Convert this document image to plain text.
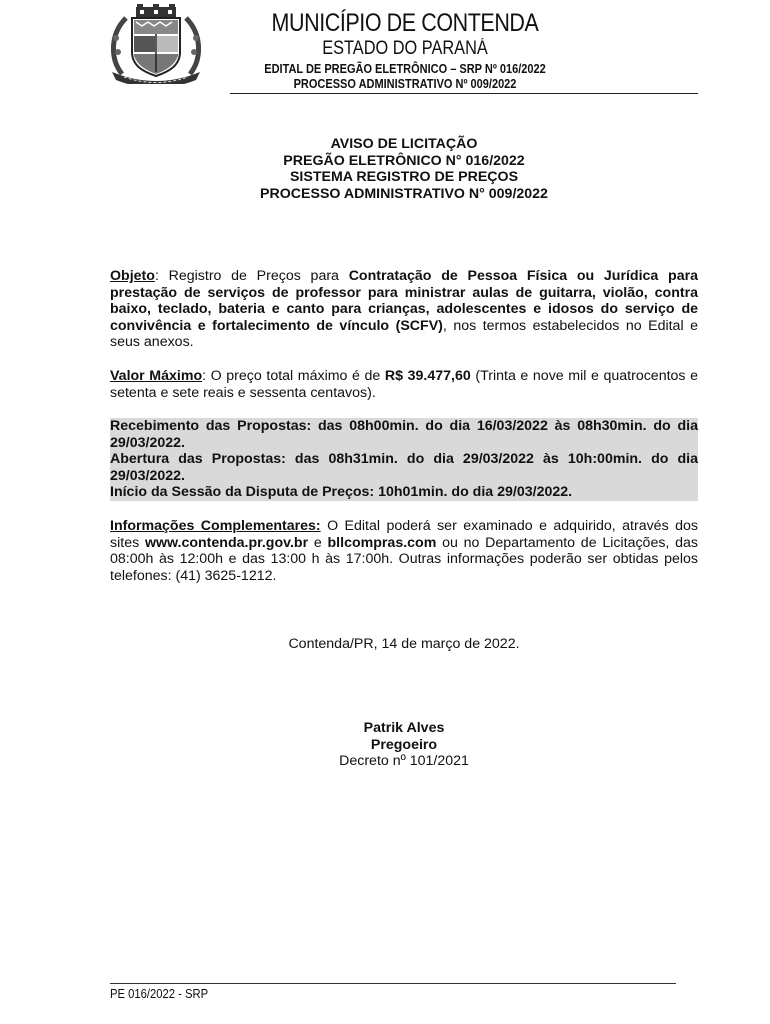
MUNICÍPIO DE CONTENDA
ESTADO DO PARANÁ
EDITAL DE PREGÃO ELETRÔNICO – SRP Nº 016/2022
PROCESSO ADMINISTRATIVO Nº 009/2022
AVISO DE LICITAÇÃO
PREGÃO ELETRÔNICO N° 016/2022
SISTEMA REGISTRO DE PREÇOS
PROCESSO ADMINISTRATIVO N° 009/2022
Objeto: Registro de Preços para Contratação de Pessoa Física ou Jurídica para prestação de serviços de professor para ministrar aulas de guitarra, violão, contra baixo, teclado, bateria e canto para crianças, adolescentes e idosos do serviço de convivência e fortalecimento de vínculo (SCFV), nos termos estabelecidos no Edital e seus anexos.
Valor Máximo: O preço total máximo é de R$ 39.477,60 (Trinta e nove mil e quatrocentos e setenta e sete reais e sessenta centavos).
Recebimento das Propostas: das 08h00min. do dia 16/03/2022 às 08h30min. do dia 29/03/2022.
Abertura das Propostas: das 08h31min. do dia 29/03/2022 às 10h:00min. do dia 29/03/2022.
Início da Sessão da Disputa de Preços: 10h01min. do dia 29/03/2022.
Informações Complementares: O Edital poderá ser examinado e adquirido, através dos sites www.contenda.pr.gov.br e bllcompras.com ou no Departamento de Licitações, das 08:00h às 12:00h e das 13:00 h às 17:00h. Outras informações poderão ser obtidas pelos telefones: (41) 3625-1212.
Contenda/PR, 14 de março de 2022.
Patrik Alves
Pregoeiro
Decreto nº 101/2021
PE 016/2022 - SRP
